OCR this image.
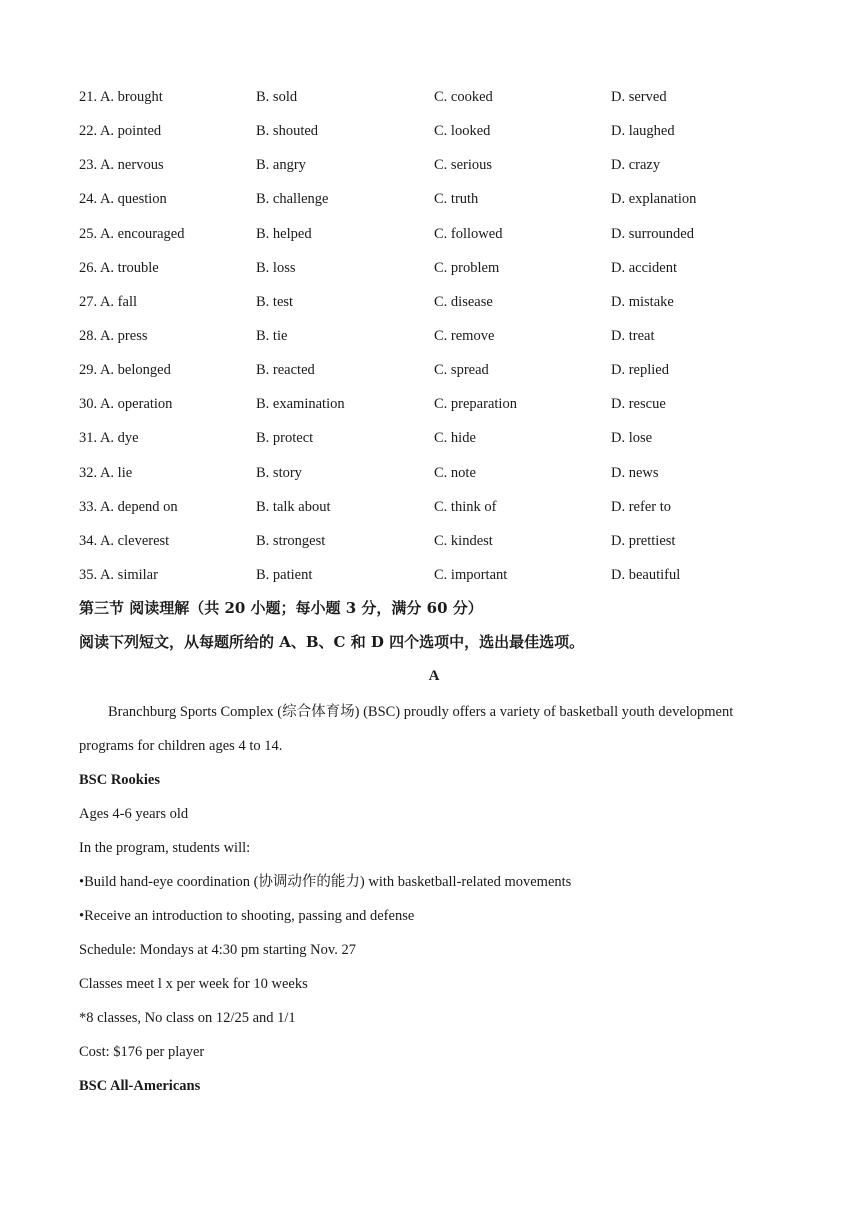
21. A. brought	B. sold	C. cooked	D. served
22. A. pointed	B. shouted	C. looked	D. laughed
23. A. nervous	B. angry	C. serious	D. crazy
24. A. question	B. challenge	C. truth	D. explanation
25. A. encouraged	B. helped	C. followed	D. surrounded
26. A. trouble	B. loss	C. problem	D. accident
27. A. fall	B. test	C. disease	D. mistake
28. A. press	B. tie	C. remove	D. treat
29. A. belonged	B. reacted	C. spread	D. replied
30. A. operation	B. examination	C. preparation	D. rescue
31. A. dye	B. protect	C. hide	D. lose
32. A. lie	B. story	C. note	D. news
33. A. depend on	B. talk about	C. think of	D. refer to
34. A. cleverest	B. strongest	C. kindest	D. prettiest
35. A. similar	B. patient	C. important	D. beautiful
第三节 阅读理解（共 20 小题；每小题 3 分，满分 60 分）
阅读下列短文，从每题所给的 A、B、C 和 D 四个选项中，选出最佳选项。
A
Branchburg Sports Complex (综合体育场) (BSC) proudly offers a variety of basketball youth development
programs for children ages 4 to 14.
BSC Rookies
Ages 4-6 years old
In the program, students will:
•Build hand-eye coordination (协调动作的能力) with basketball-related movements
•Receive an introduction to shooting, passing and defense
Schedule: Mondays at 4:30 pm starting Nov. 27
Classes meet l x per week for 10 weeks
*8 classes, No class on 12/25 and 1/1
Cost: $176 per player
BSC All-Americans
